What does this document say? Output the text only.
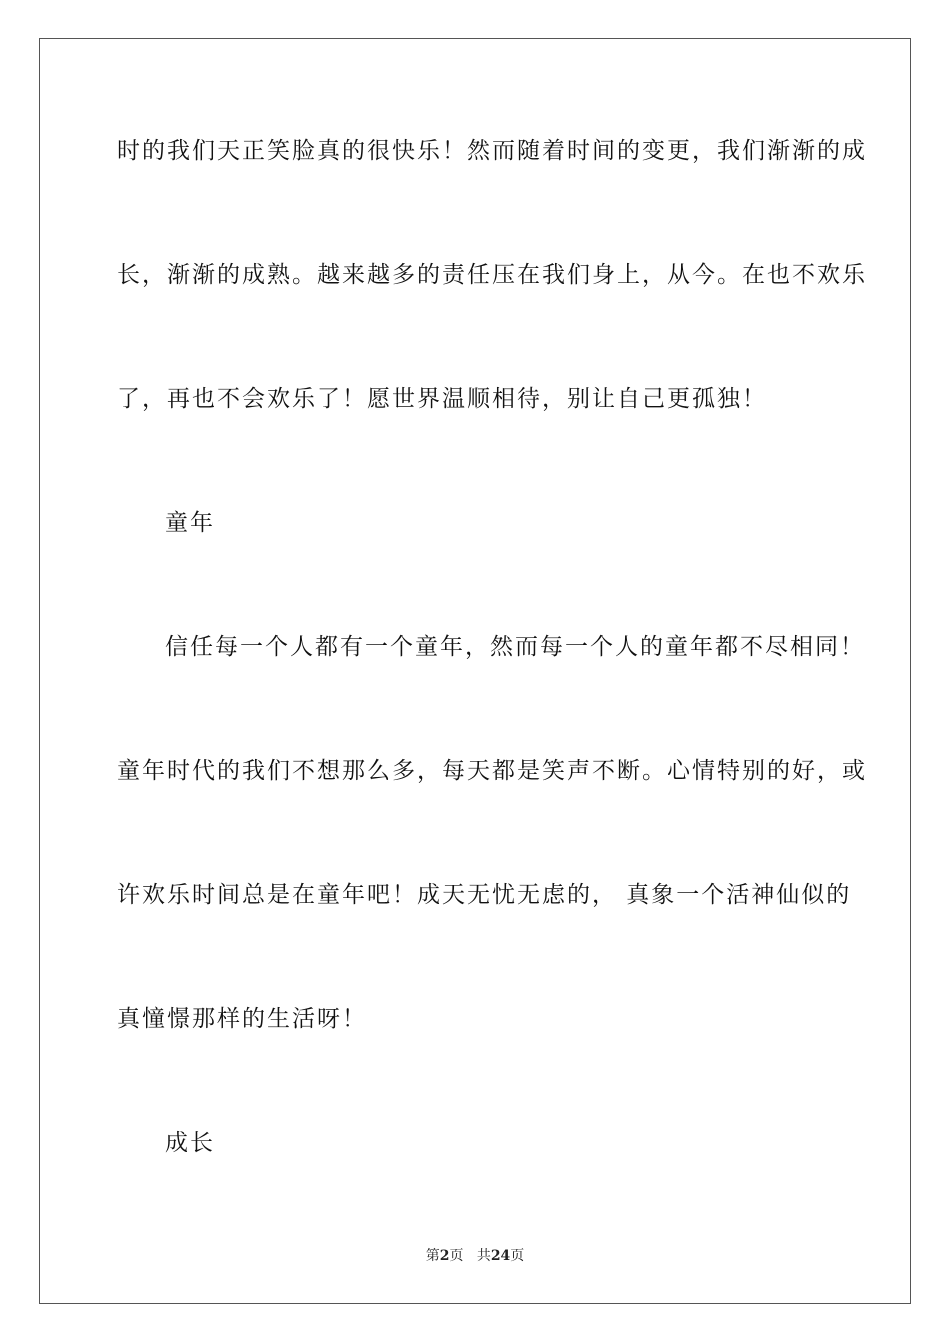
时的我们天正笑脸真的很快乐！然而随着时间的变更，我们渐渐的成
长，渐渐的成熟。越来越多的责任压在我们身上，从今。在也不欢乐
了，再也不会欢乐了！愿世界温顺相待，别让自己更孤独！
童年
信任每一个人都有一个童年，然而每一个人的童年都不尽相同！
童年时代的我们不想那么多，每天都是笑声不断。心情特别的好，或
许欢乐时间总是在童年吧！成天无忧无虑的， 真象一个活神仙似的
真憧憬那样的生活呀！
成长
第2页 共24页
